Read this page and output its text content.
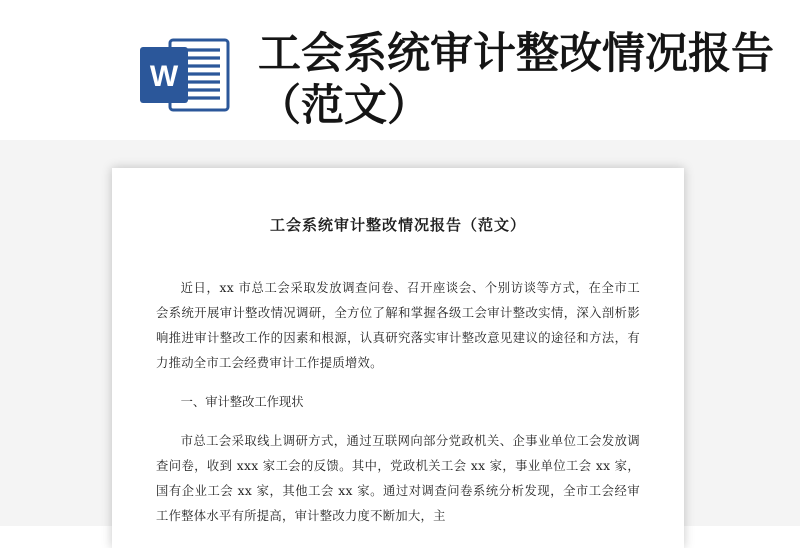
W 工会系统审计整改情况报告（范文）
工会系统审计整改情况报告（范文）

近日，xx 市总工会采取发放调查问卷、召开座谈会、个别访谈等方式，在全市工会系统开展审计整改情况调研，全方位了解和掌握各级工会审计整改实情，深入剖析影响推进审计整改工作的因素和根源，认真研究落实审计整改意见建议的途径和方法，有力推动全市工会经费审计工作提质增效。

一、审计整改工作现状

市总工会采取线上调研方式，通过互联网向部分党政机关、企事业单位工会发放调查问卷，收到 xxx 家工会的反馈。其中，党政机关工会 xx 家，事业单位工会 xx 家，国有企业工会 xx 家，其他工会 xx 家。通过对调查问卷系统分析发现，全市工会经审工作整体水平有所提高，审计整改力度不断加大，主
